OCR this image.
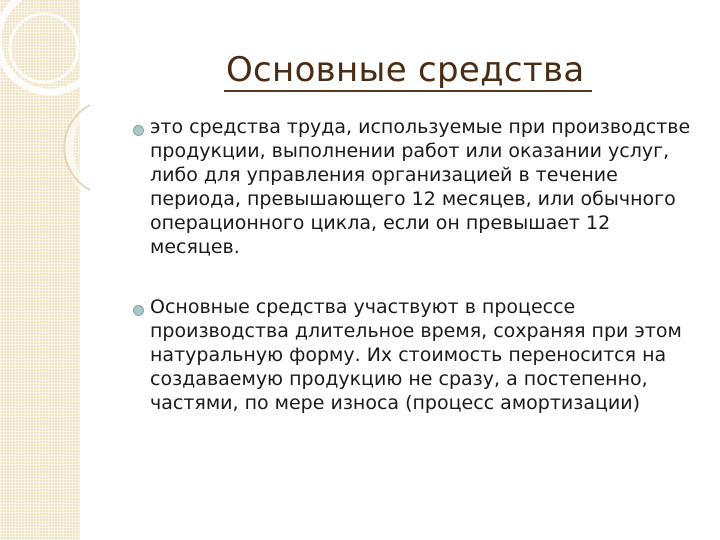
Основные средства

это средства труда, используемые при производстве продукции, выполнении работ или оказании услуг, либо для управления организацией в течение периода, превышающего 12 месяцев, или обычного операционного цикла, если он превышает 12 месяцев.

Основные средства участвуют в процессе производства длительное время, сохраняя при этом натуральную форму. Их стоимость переносится на создаваемую продукцию не сразу, а постепенно, частями, по мере износа (процесс амортизации)
